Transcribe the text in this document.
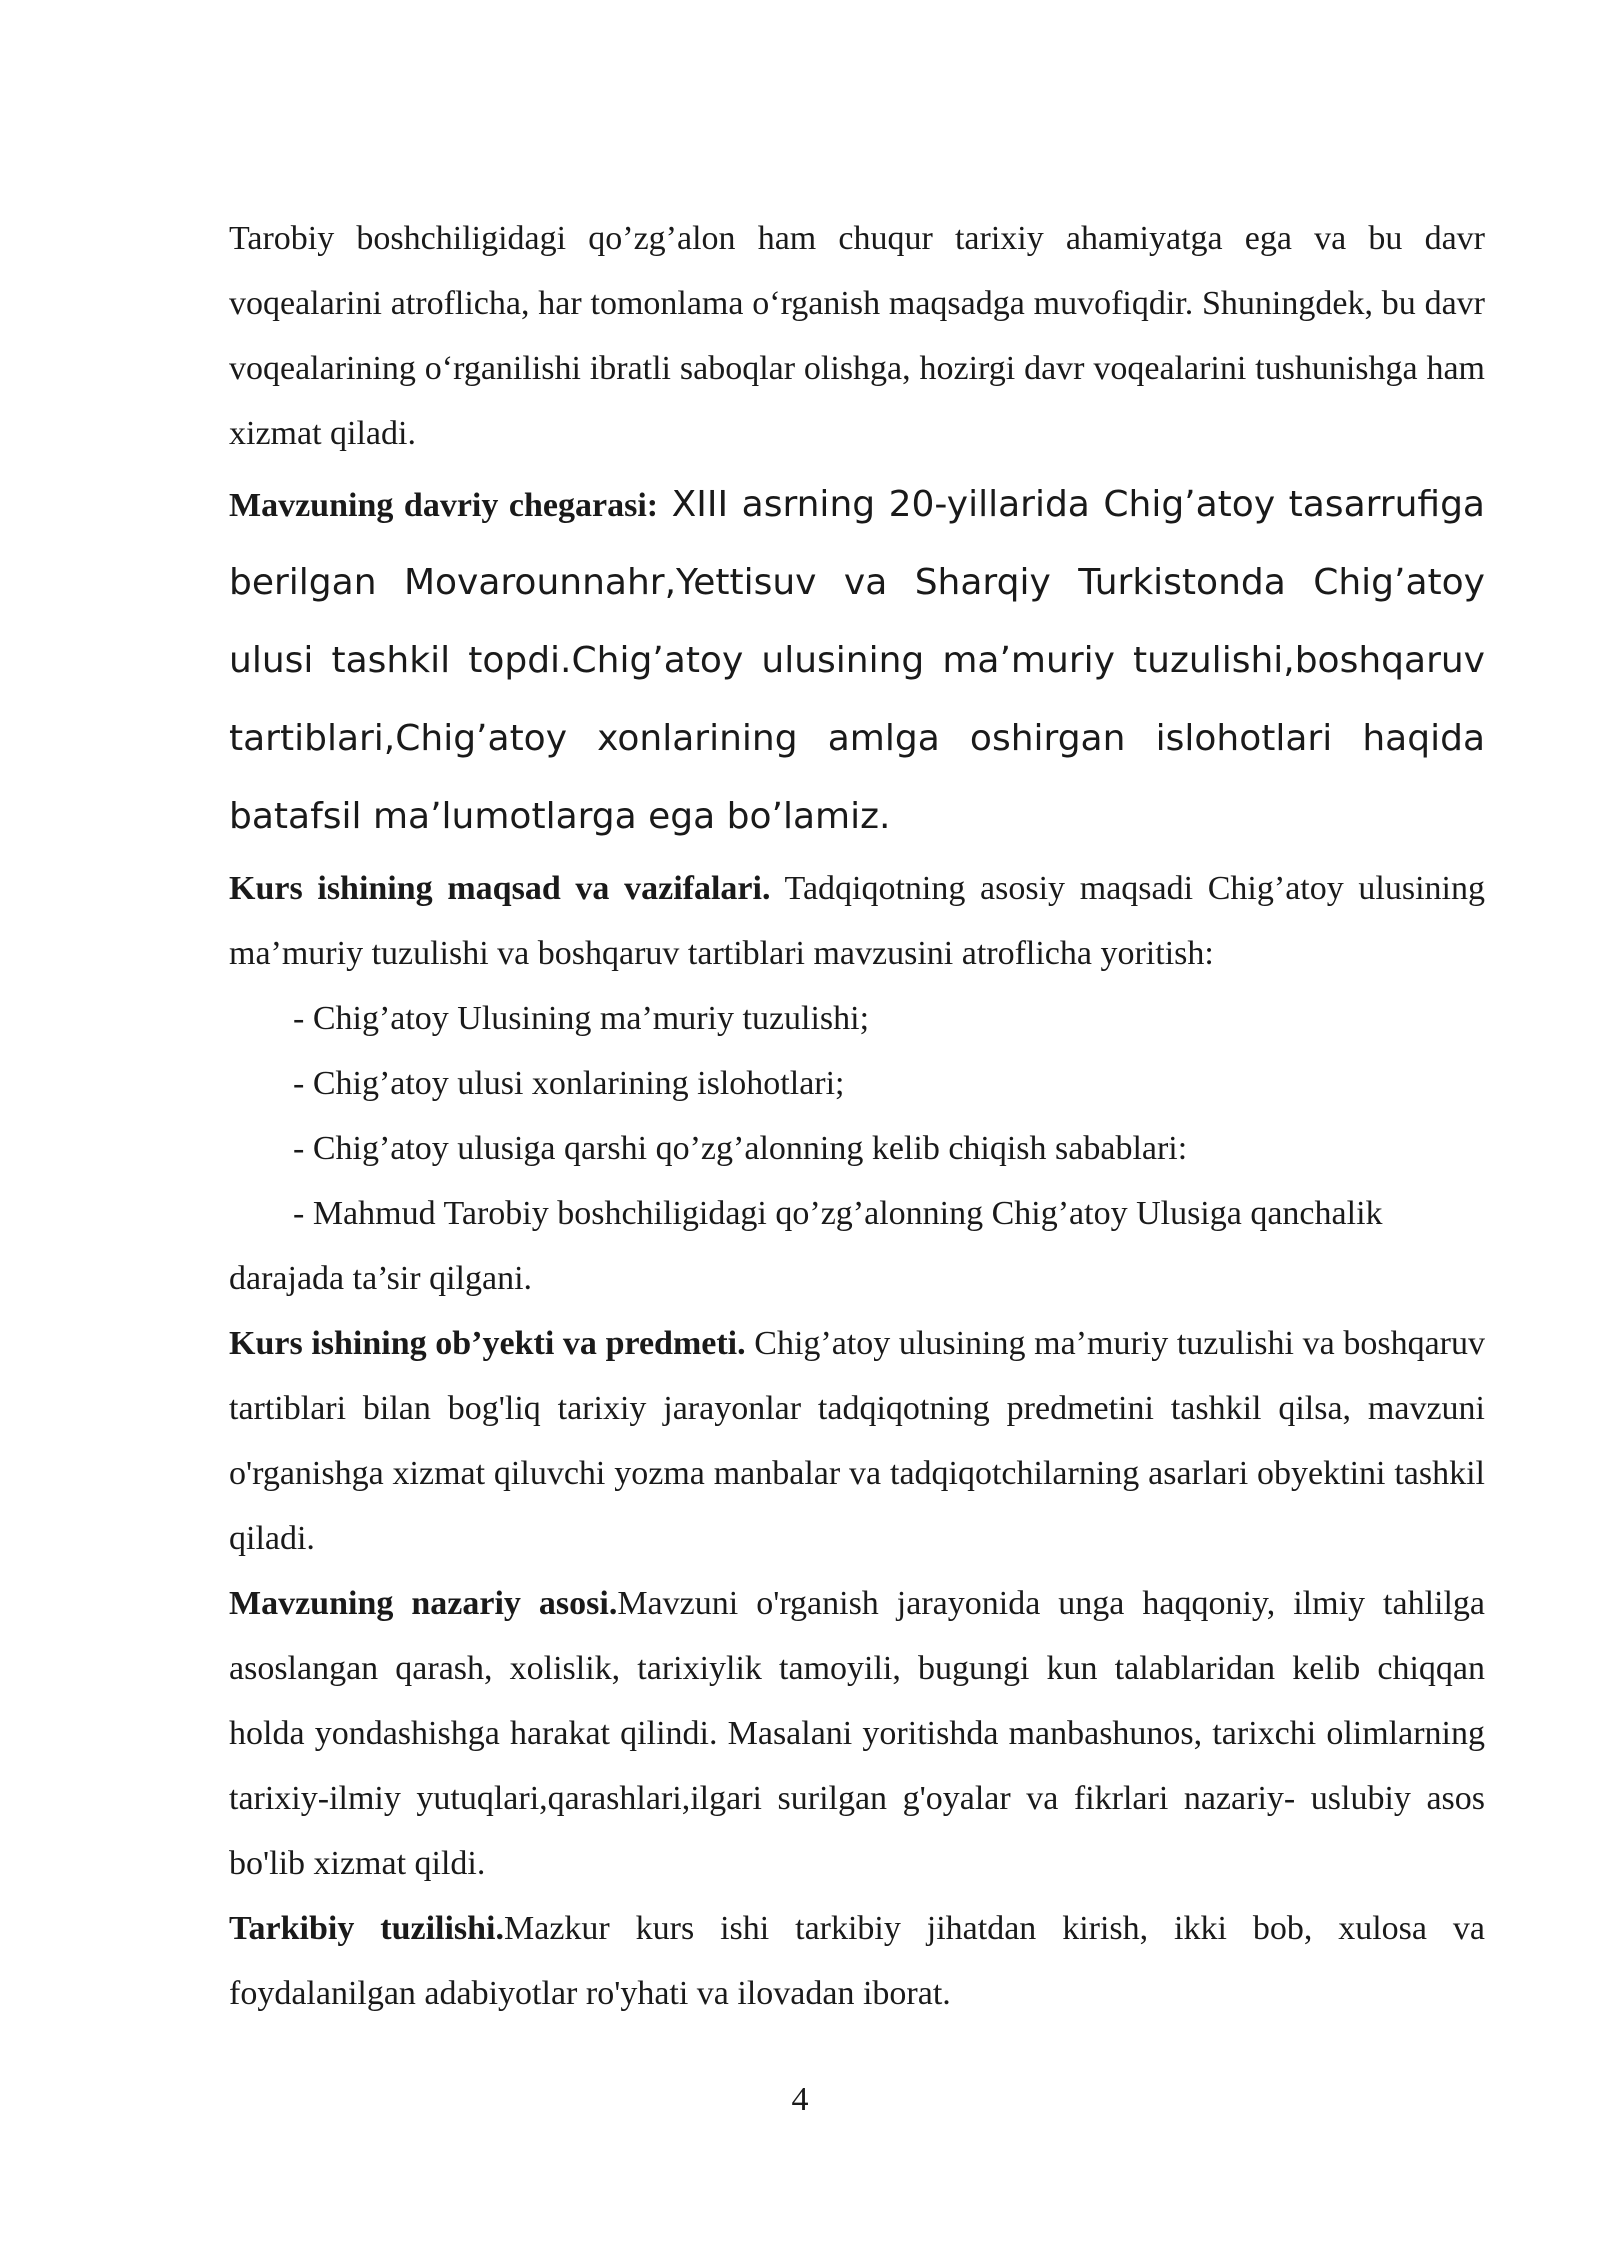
Tarobiy boshchiligidagi qo’zg’alon ham chuqur tarixiy ahamiyatga ega va bu davr voqealarini atroflicha, har tomonlama o‘rganish maqsadga muvofiqdir. Shuningdek, bu davr voqealarining o‘rganilishi ibratli saboqlar olishga, hozirgi davr voqealarini tushunishga ham xizmat qiladi.

Mavzuning davriy chegarasi: XIII asrning 20-yillarida Chig’atoy tasarrufiga berilgan Movarounnahr,Yettisuv va Sharqiy Turkistonda Chig’atoy ulusi tashkil topdi.Chig’atoy ulusining ma’muriy tuzulishi,boshqaruv tartiblari,Chig’atoy xonlarining amlga oshirgan islohotlari haqida batafsil ma’lumotlarga ega bo’lamiz.

Kurs ishining maqsad va vazifalari. Tadqiqotning asosiy maqsadi Chig’atoy ulusining ma’muriy tuzulishi va boshqaruv tartiblari mavzusini atroflicha yoritish:

- Chig’atoy Ulusining ma’muriy tuzulishi;

- Chig’atoy ulusi xonlarining islohotlari;

- Chig’atoy ulusiga qarshi qo’zg’alonning kelib chiqish sabablari:

- Mahmud Tarobiy boshchiligidagi qo’zg’alonning Chig’atoy Ulusiga qanchalik darajada ta’sir qilgani.

Kurs ishining ob’yekti va predmeti. Chig’atoy ulusining ma’muriy tuzulishi va boshqaruv tartiblari bilan bog'liq tarixiy jarayonlar tadqiqotning predmetini tashkil qilsa, mavzuni o'rganishga xizmat qiluvchi yozma manbalar va tadqiqotchilarning asarlari obyektini tashkil qiladi.

Mavzuning nazariy asosi.Mavzuni o'rganish jarayonida unga haqqoniy, ilmiy tahlilga asoslangan qarash, xolislik, tarixiylik tamoyili, bugungi kun talablaridan kelib chiqqan holda yondashishga harakat qilindi. Masalani yoritishda manbashunos, tarixchi olimlarning tarixiy-ilmiy yutuqlari,qarashlari,ilgari surilgan g'oyalar va fikrlari nazariy- uslubiy asos bo'lib xizmat qildi.

Tarkibiy tuzilishi.Mazkur kurs ishi tarkibiy jihatdan kirish, ikki bob, xulosa va foydalanilgan adabiyotlar ro'yhati va ilovadan iborat.

4
